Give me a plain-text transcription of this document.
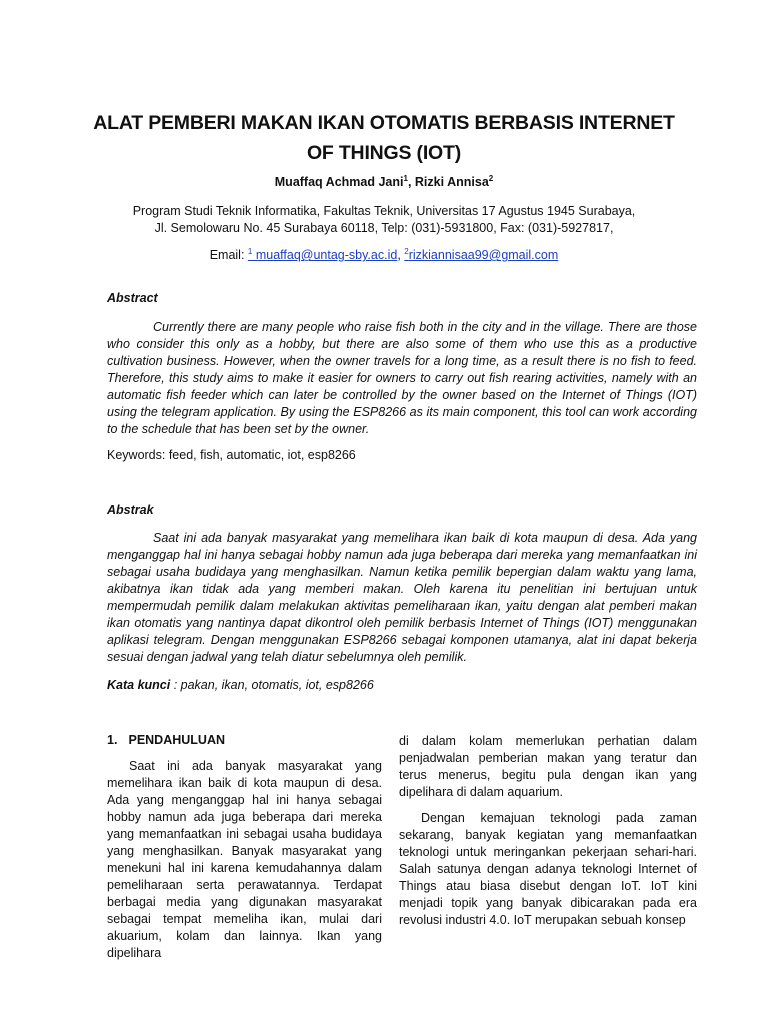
ALAT PEMBERI MAKAN IKAN OTOMATIS BERBASIS INTERNET OF THINGS (IOT)
Muaffaq Achmad Jani$^1$, Rizki Annisa$^2$
Program Studi Teknik Informatika, Fakultas Teknik, Universitas 17 Agustus 1945 Surabaya,
Jl. Semolowaru No. 45 Surabaya 60118, Telp: (031)-5931800, Fax: (031)-5927817,
Email: $^1$ muaffaq@untag-sby.ac.id, $^2$rizkiannisaa99@gmail.com
Abstract

Currently there are many people who raise fish both in the city and in the village. There are those who consider this only as a hobby, but there are also some of them who use this as a productive cultivation business. However, when the owner travels for a long time, as a result there is no fish to feed. Therefore, this study aims to make it easier for owners to carry out fish rearing activities, namely with an automatic fish feeder which can later be controlled by the owner based on the Internet of Things (IOT) using the telegram application. By using the ESP8266 as its main component, this tool can work according to the schedule that has been set by the owner.

Keywords: feed, fish, automatic, iot, esp8266
Abstrak

Saat ini ada banyak masyarakat yang memelihara ikan baik di kota maupun di desa. Ada yang menganggap hal ini hanya sebagai hobby namun ada juga beberapa dari mereka yang memanfaatkan ini sebagai usaha budidaya yang menghasilkan. Namun ketika pemilik bepergian dalam waktu yang lama, akibatnya ikan tidak ada yang memberi makan. Oleh karena itu penelitian ini bertujuan untuk mempermudah pemilik dalam melakukan aktivitas pemeliharaan ikan, yaitu dengan alat pemberi makan ikan otomatis yang nantinya dapat dikontrol oleh pemilik berbasis Internet of Things (IOT) menggunakan aplikasi telegram. Dengan menggunakan ESP8266 sebagai komponen utamanya, alat ini dapat bekerja sesuai dengan jadwal yang telah diatur sebelumnya oleh pemilik.

Kata kunci : pakan, ikan, otomatis, iot, esp8266
1. PENDAHULUAN

Saat ini ada banyak masyarakat yang memelihara ikan baik di kota maupun di desa. Ada yang menganggap hal ini hanya sebagai hobby namun ada juga beberapa dari mereka yang memanfaatkan ini sebagai usaha budidaya yang menghasilkan. Banyak masyarakat yang menekuni hal ini karena kemudahannya dalam pemeliharaan serta perawatannya. Terdapat berbagai media yang digunakan masyarakat sebagai tempat memeliha ikan, mulai dari akuarium, kolam dan lainnya. Ikan yang dipelihara

di dalam kolam memerlukan perhatian dalam penjadwalan pemberian makan yang teratur dan terus menerus, begitu pula dengan ikan yang dipelihara di dalam aquarium.

Dengan kemajuan teknologi pada zaman sekarang, banyak kegiatan yang memanfaatkan teknologi untuk meringankan pekerjaan sehari-hari. Salah satunya dengan adanya teknologi Internet of Things atau biasa disebut dengan IoT. IoT kini menjadi topik yang banyak dibicarakan pada era revolusi industri 4.0. IoT merupakan sebuah konsep
